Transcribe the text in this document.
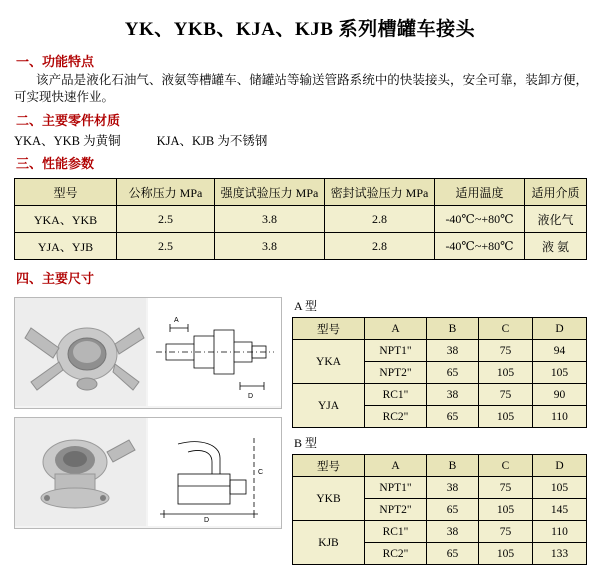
YK、YKB、KJA、KJB 系列槽罐车接头
一、功能特点
该产品是液化石油气、液氨等槽罐车、储罐站等输送管路系统中的快装接头，安全可靠，装卸方便，可实现快速作业。
二、主要零件材质
YKA、YKB 为黄铜	KJA、KJB 为不锈钢
三、性能参数
型号	公称压力 MPa	强度试验压力 MPa	密封试验压力 MPa	适用温度	适用介质
YKA、YKB	2.5	3.8	2.8	-40℃~+80℃	液化气
YJA、YJB	2.5	3.8	2.8	-40℃~+80℃	液 氨
四、主要尺寸
A
D
D
C
A 型
型号	A	B	C	D
YKA	NPT1"	38	75	94
	NPT2"	65	105	105
YJA	RC1"	38	75	90
	RC2"	65	105	110
B 型
型号	A	B	C	D
YKB	NPT1"	38	75	105
	NPT2"	65	105	145
KJB	RC1"	38	75	110
	RC2"	65	105	133
